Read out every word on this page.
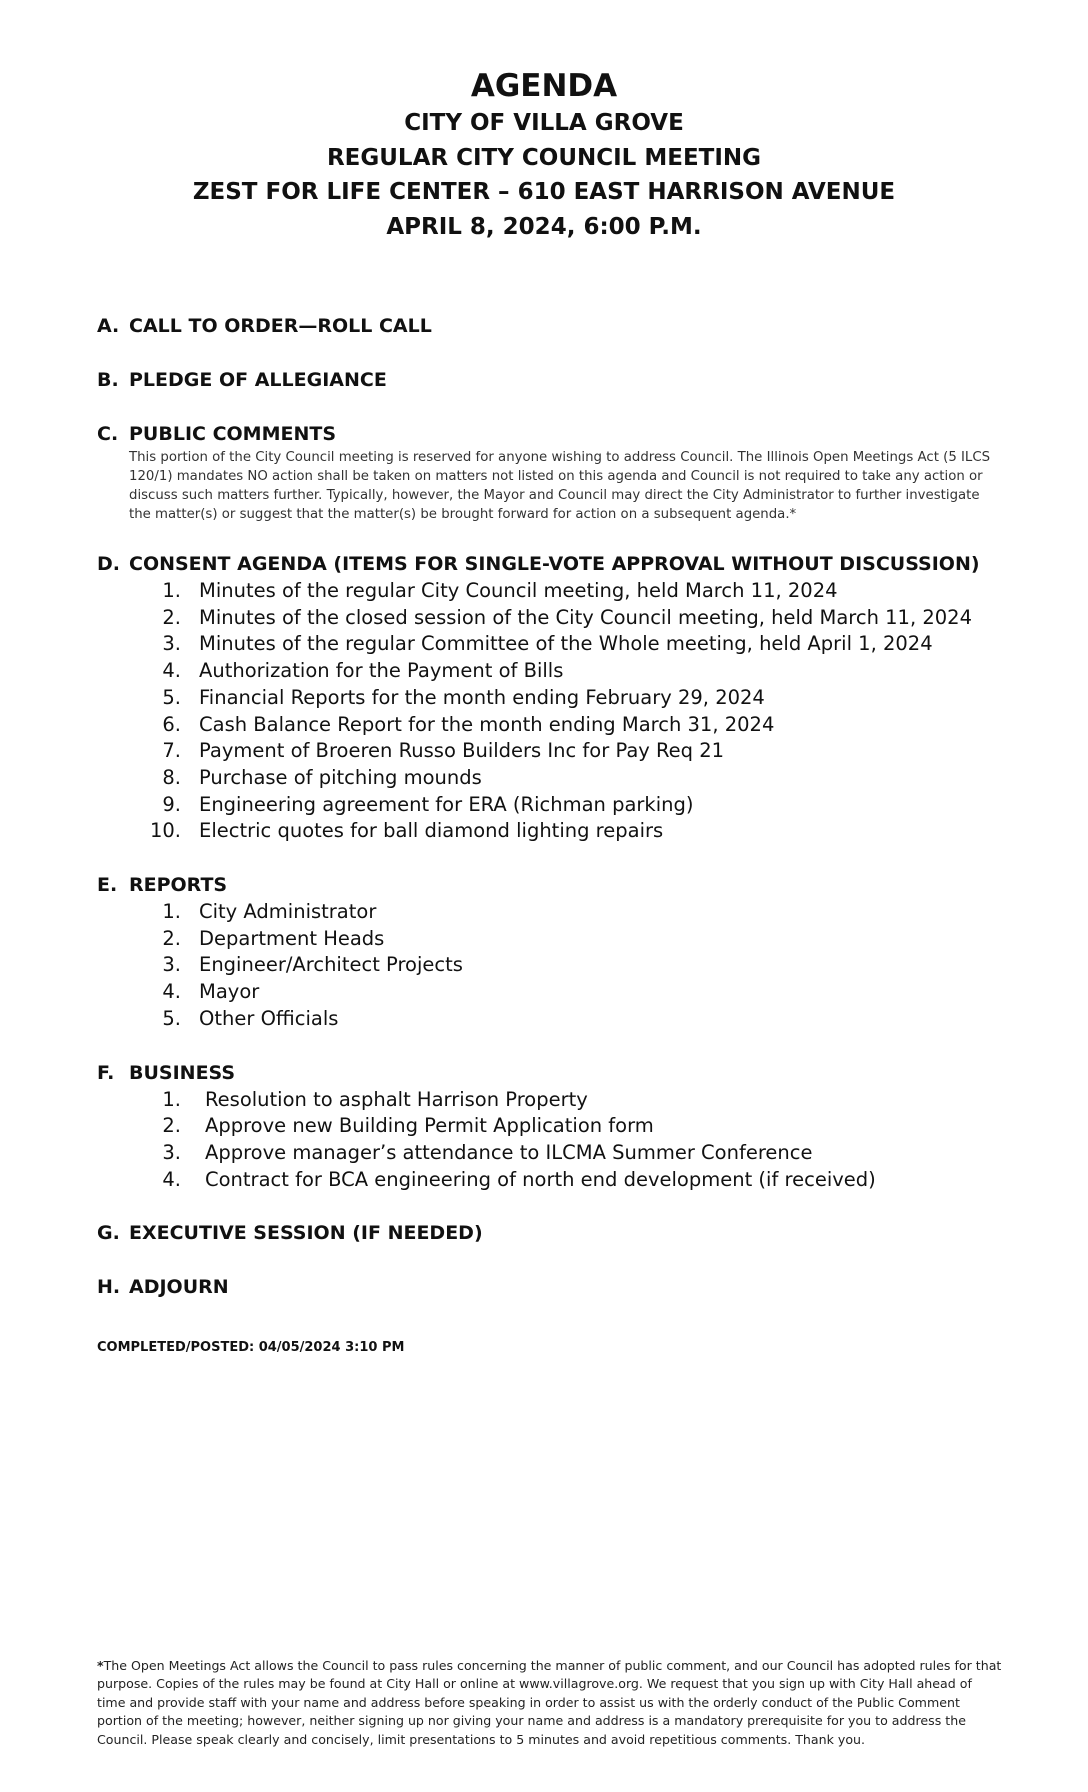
AGENDA
CITY OF VILLA GROVE
REGULAR CITY COUNCIL MEETING
ZEST FOR LIFE CENTER – 610 EAST HARRISON AVENUE
APRIL 8, 2024, 6:00 P.M.
A. CALL TO ORDER—ROLL CALL
B. PLEDGE OF ALLEGIANCE
C. PUBLIC COMMENTS
This portion of the City Council meeting is reserved for anyone wishing to address Council. The Illinois Open Meetings Act (5 ILCS 120/1) mandates NO action shall be taken on matters not listed on this agenda and Council is not required to take any action or discuss such matters further. Typically, however, the Mayor and Council may direct the City Administrator to further investigate the matter(s) or suggest that the matter(s) be brought forward for action on a subsequent agenda.*
D. CONSENT AGENDA (ITEMS FOR SINGLE-VOTE APPROVAL WITHOUT DISCUSSION)
1. Minutes of the regular City Council meeting, held March 11, 2024
2. Minutes of the closed session of the City Council meeting, held March 11, 2024
3. Minutes of the regular Committee of the Whole meeting, held April 1, 2024
4. Authorization for the Payment of Bills
5. Financial Reports for the month ending February 29, 2024
6. Cash Balance Report for the month ending March 31, 2024
7. Payment of Broeren Russo Builders Inc for Pay Req 21
8. Purchase of pitching mounds
9. Engineering agreement for ERA (Richman parking)
10. Electric quotes for ball diamond lighting repairs
E. REPORTS
1. City Administrator
2. Department Heads
3. Engineer/Architect Projects
4. Mayor
5. Other Officials
F. BUSINESS
1.	Resolution to asphalt Harrison Property
2.	Approve new Building Permit Application form
3.	Approve manager’s attendance to ILCMA Summer Conference
4.	Contract for BCA engineering of north end development (if received)
G. EXECUTIVE SESSION (IF NEEDED)
H. ADJOURN
COMPLETED/POSTED: 04/05/2024 3:10 PM
*The Open Meetings Act allows the Council to pass rules concerning the manner of public comment, and our Council has adopted rules for that purpose. Copies of the rules may be found at City Hall or online at www.villagrove.org. We request that you sign up with City Hall ahead of time and provide staff with your name and address before speaking in order to assist us with the orderly conduct of the Public Comment portion of the meeting; however, neither signing up nor giving your name and address is a mandatory prerequisite for you to address the Council. Please speak clearly and concisely, limit presentations to 5 minutes and avoid repetitious comments. Thank you.
